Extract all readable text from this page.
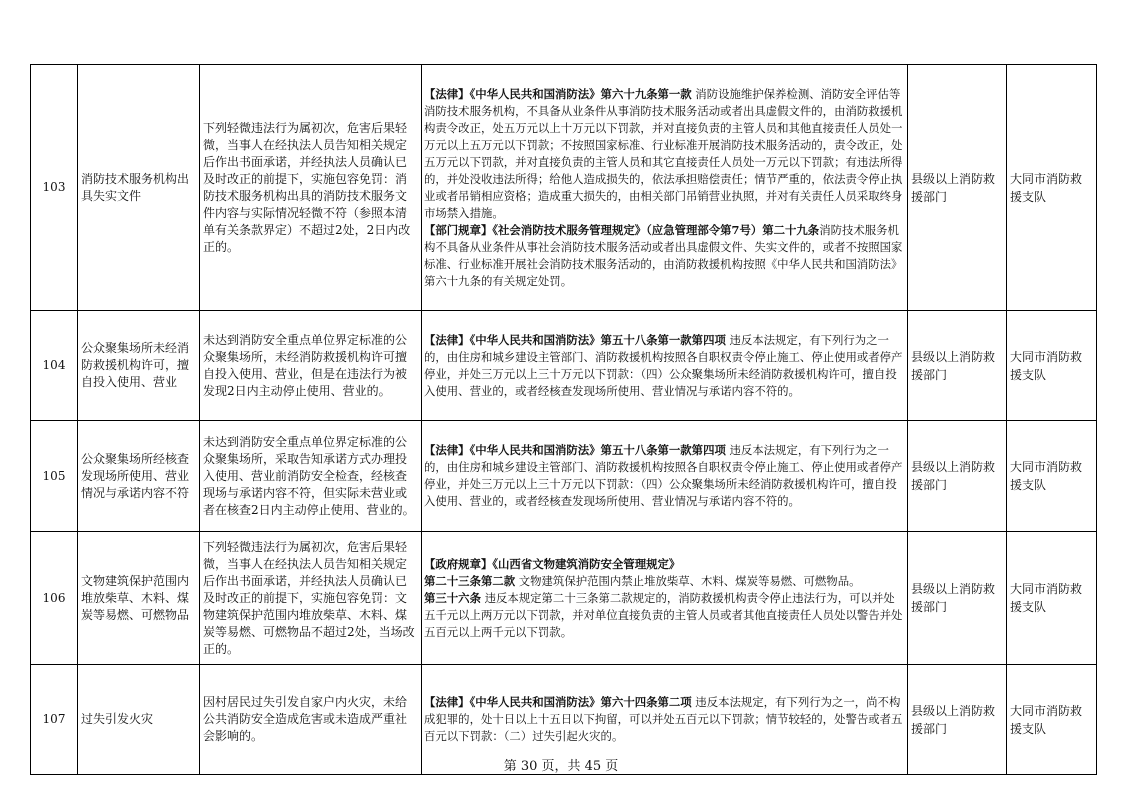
103	消防技术服务机构出具失实文件	下列轻微违法行为属初次，危害后果轻微，当事人在经执法人员告知相关规定后作出书面承诺，并经执法人员确认已及时改正的前提下，实施包容免罚：消防技术服务机构出具的消防技术服务文件内容与实际情况轻微不符（参照本清单有关条款界定）不超过2处，2日内改正的。	【法律】《中华人民共和国消防法》第六十九条第一款 消防设施维护保养检测、消防安全评估等消防技术服务机构，不具备从业条件从事消防技术服务活动或者出具虚假文件的，由消防救援机构责令改正，处五万元以上十万元以下罚款，并对直接负责的主管人员和其他直接责任人员处一万元以上五万元以下罚款；不按照国家标准、行业标准开展消防技术服务活动的，责令改正，处五万元以下罚款，并对直接负责的主管人员和其它直接责任人员处一万元以下罚款；有违法所得的，并处没收违法所得；给他人造成损失的，依法承担赔偿责任；情节严重的，依法责令停止执业或者吊销相应资格；造成重大损失的，由相关部门吊销营业执照，并对有关责任人员采取终身市场禁入措施。
【部门规章】《社会消防技术服务管理规定》（应急管理部令第7号）第二十九条消防技术服务机构不具备从业条件从事社会消防技术服务活动或者出具虚假文件、失实文件的，或者不按照国家标准、行业标准开展社会消防技术服务活动的，由消防救援机构按照《中华人民共和国消防法》第六十九条的有关规定处罚。	县级以上消防救援部门	大同市消防救援支队
104	公众聚集场所未经消防救援机构许可，擅自投入使用、营业	未达到消防安全重点单位界定标准的公众聚集场所，未经消防救援机构许可擅自投入使用、营业，但是在违法行为被发现2日内主动停止使用、营业的。	【法律】《中华人民共和国消防法》第五十八条第一款第四项 违反本法规定，有下列行为之一的，由住房和城乡建设主管部门、消防救援机构按照各自职权责令停止施工、停止使用或者停产停业，并处三万元以上三十万元以下罚款：（四）公众聚集场所未经消防救援机构许可，擅自投入使用、营业的，或者经核查发现场所使用、营业情况与承诺内容不符的。	县级以上消防救援部门	大同市消防救援支队
105	公众聚集场所经核查发现场所使用、营业情况与承诺内容不符	未达到消防安全重点单位界定标准的公众聚集场所，采取告知承诺方式办理投入使用、营业前消防安全检查，经核查现场与承诺内容不符，但实际未营业或者在核查2日内主动停止使用、营业的。	【法律】《中华人民共和国消防法》第五十八条第一款第四项 违反本法规定，有下列行为之一的，由住房和城乡建设主管部门、消防救援机构按照各自职权责令停止施工、停止使用或者停产停业，并处三万元以上三十万元以下罚款：（四）公众聚集场所未经消防救援机构许可，擅自投入使用、营业的，或者经核查发现场所使用、营业情况与承诺内容不符的。	县级以上消防救援部门	大同市消防救援支队
106	文物建筑保护范围内堆放柴草、木料、煤炭等易燃、可燃物品	下列轻微违法行为属初次，危害后果轻微，当事人在经执法人员告知相关规定后作出书面承诺，并经执法人员确认已及时改正的前提下，实施包容免罚：文物建筑保护范围内堆放柴草、木料、煤炭等易燃、可燃物品不超过2处，当场改正的。	【政府规章】《山西省文物建筑消防安全管理规定》
第二十三条第二款 文物建筑保护范围内禁止堆放柴草、木料、煤炭等易燃、可燃物品。
第三十六条 违反本规定第二十三条第二款规定的，消防救援机构责令停止违法行为，可以并处五千元以上两万元以下罚款，并对单位直接负责的主管人员或者其他直接责任人员处以警告并处五百元以上两千元以下罚款。	县级以上消防救援部门	大同市消防救援支队
107	过失引发火灾	因村居民过失引发自家户内火灾，未给公共消防安全造成危害或未造成严重社会影响的。	【法律】《中华人民共和国消防法》第六十四条第二项 违反本法规定，有下列行为之一，尚不构成犯罪的，处十日以上十五日以下拘留，可以并处五百元以下罚款；情节较轻的，处警告或者五百元以下罚款：（二）过失引起火灾的。	县级以上消防救援部门	大同市消防救援支队
第 30 页，共 45 页
